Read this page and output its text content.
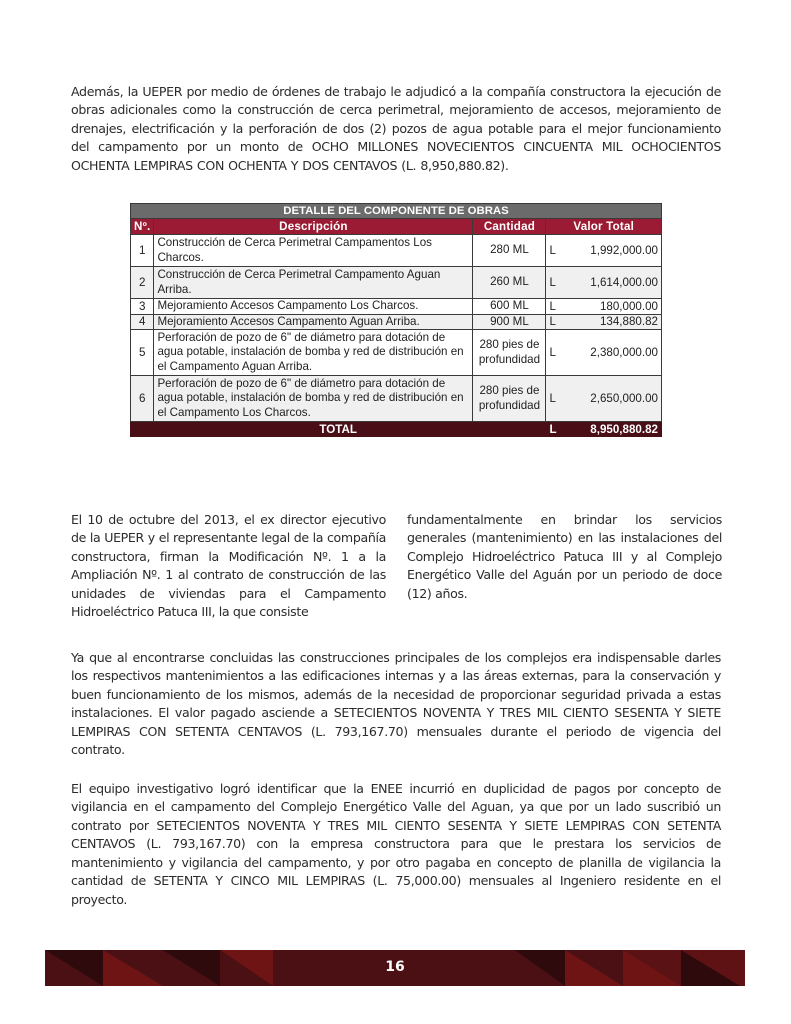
Además, la UEPER por medio de órdenes de trabajo le adjudicó a la compañía constructora la ejecución de obras adicionales como la construcción de cerca perimetral, mejoramiento de accesos, mejoramiento de drenajes, electrificación y la perforación de dos (2) pozos de agua potable para el mejor funcionamiento del campamento por un monto de OCHO MILLONES NOVECIENTOS CINCUENTA MIL OCHOCIENTOS OCHENTA LEMPIRAS CON OCHENTA Y DOS CENTAVOS (L. 8,950,880.82).

DETALLE DEL COMPONENTE DE OBRAS				
Nº.	Descripción	Cantidad	Valor Total	
1	Construcción de Cerca Perimetral Campamentos Los Charcos.	280 ML	L	1,992,000.00
2	Construcción de Cerca Perimetral Campamento Aguan Arriba.	260 ML	L	1,614,000.00
3	Mejoramiento Accesos Campamento Los Charcos.	600 ML	L	180,000.00
4	Mejoramiento Accesos Campamento Aguan Arriba.	900 ML	L	134,880.82
5	Perforación de pozo de 6" de diámetro para dotación de agua potable, instalación de bomba y red de distribución en el Campamento Aguan Arriba.	280 pies de profundidad	L	2,380,000.00
6	Perforación de pozo de 6" de diámetro para dotación de agua potable, instalación de bomba y red de distribución en el Campamento Los Charcos.	280 pies de profundidad	L	2,650,000.00
TOTAL			L	8,950,880.82

El 10 de octubre del 2013, el ex director ejecutivo de la UEPER y el representante legal de la compañía constructora, firman la Modificación Nº. 1 a la Ampliación Nº. 1 al contrato de construcción de las unidades de viviendas para el Campamento Hidroeléctrico Patuca III, la que consiste

fundamentalmente en brindar los servicios generales (mantenimiento) en las instalaciones del Complejo Hidroeléctrico Patuca III y al Complejo Energético Valle del Aguán por un periodo de doce (12) años.

Ya que al encontrarse concluidas las construcciones principales de los complejos era indispensable darles los respectivos mantenimientos a las edificaciones internas y a las áreas externas, para la conservación y buen funcionamiento de los mismos, además de la necesidad de proporcionar seguridad privada a estas instalaciones. El valor pagado asciende a SETECIENTOS NOVENTA Y TRES MIL CIENTO SESENTA Y SIETE LEMPIRAS CON SETENTA CENTAVOS (L. 793,167.70) mensuales durante el periodo de vigencia del contrato.

El equipo investigativo logró identificar que la ENEE incurrió en duplicidad de pagos por concepto de vigilancia en el campamento del Complejo Energético Valle del Aguan, ya que por un lado suscribió un contrato por SETECIENTOS NOVENTA Y TRES MIL CIENTO SESENTA Y SIETE LEMPIRAS CON SETENTA CENTAVOS (L. 793,167.70) con la empresa constructora para que le prestara los servicios de mantenimiento y vigilancia del campamento, y por otro pagaba en concepto de planilla de vigilancia la cantidad de SETENTA Y CINCO MIL LEMPIRAS (L. 75,000.00) mensuales al Ingeniero residente en el proyecto.

16
